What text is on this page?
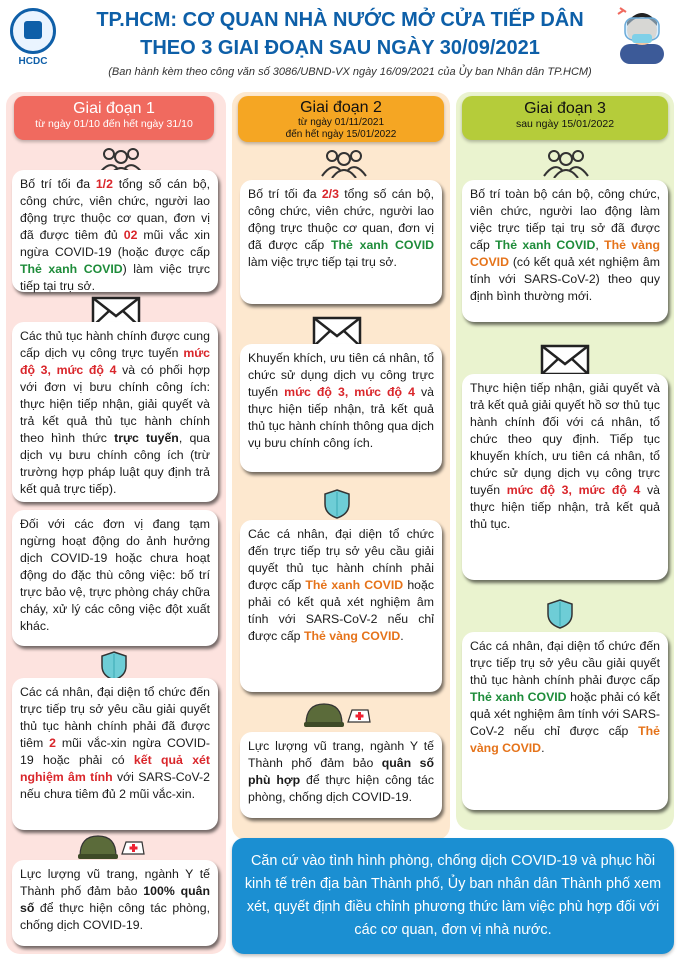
HCDC
TP.HCM: CƠ QUAN NHÀ NƯỚC MỞ CỬA TIẾP DÂN
THEO 3 GIAI ĐOẠN SAU NGÀY 30/09/2021
(Ban hành kèm theo công văn số 3086/UBND-VX ngày 16/09/2021 của Ủy ban Nhân dân TP.HCM)
Giai đoạn 1
từ ngày 01/10 đến hết ngày 31/10
Giai đoạn 2
từ ngày 01/11/2021
đến hết ngày 15/01/2022
Giai đoạn 3
sau ngày 15/01/2022
Bố trí tối đa 1/2 tổng số cán bộ, công chức, viên chức, người lao động trực thuộc cơ quan, đơn vị đã được tiêm đủ 02 mũi vắc xin ngừa COVID-19 (hoặc được cấp Thẻ xanh COVID) làm việc trực tiếp tại trụ sở.
Các thủ tục hành chính được cung cấp dịch vụ công trực tuyến mức độ 3, mức độ 4 và có phối hợp với đơn vị bưu chính công ích: thực hiện tiếp nhận, giải quyết và trả kết quả thủ tục hành chính theo hình thức trực tuyến, qua dịch vụ bưu chính công ích (trừ trường hợp pháp luật quy định trả kết quả trực tiếp).
Đối với các đơn vị đang tạm ngừng hoạt động do ảnh hưởng dịch COVID-19 hoặc chưa hoạt động do đặc thù công việc: bố trí trực bảo vệ, trực phòng cháy chữa cháy, xử lý các công việc đột xuất khác.
Các cá nhân, đại diện tổ chức đến trực tiếp trụ sở yêu cầu giải quyết thủ tục hành chính phải đã được tiêm 2 mũi vắc-xin ngừa COVID-19 hoặc phải có kết quả xét nghiệm âm tính với SARS-CoV-2 nếu chưa tiêm đủ 2 mũi vắc-xin.
Lực lượng vũ trang, ngành Y tế Thành phố đảm bảo 100% quân số để thực hiện công tác phòng, chống dịch COVID-19.
Bố trí tối đa 2/3 tổng số cán bộ, công chức, viên chức, người lao động trực thuộc cơ quan, đơn vị đã được cấp Thẻ xanh COVID làm việc trực tiếp tại trụ sở.
Khuyến khích, ưu tiên cá nhân, tổ chức sử dụng dịch vụ công trực tuyến mức độ 3, mức độ 4 và thực hiện tiếp nhận, trả kết quả thủ tục hành chính thông qua dịch vụ bưu chính công ích.
Các cá nhân, đại diện tổ chức đến trực tiếp trụ sở yêu cầu giải quyết thủ tục hành chính phải được cấp Thẻ xanh COVID hoặc phải có kết quả xét nghiệm âm tính với SARS-CoV-2 nếu chỉ được cấp Thẻ vàng COVID.
Lực lượng vũ trang, ngành Y tế Thành phố đảm bảo quân số phù hợp để thực hiện công tác phòng, chống dịch COVID-19.
Bố trí toàn bộ cán bộ, công chức, viên chức, người lao động làm việc trực tiếp tại trụ sở đã được cấp Thẻ xanh COVID, Thẻ vàng COVID (có kết quả xét nghiệm âm tính với SARS-CoV-2) theo quy định bình thường mới.
Thực hiện tiếp nhận, giải quyết và trả kết quả giải quyết hồ sơ thủ tục hành chính đối với cá nhân, tổ chức theo quy định. Tiếp tục khuyến khích, ưu tiên cá nhân, tổ chức sử dụng dịch vụ công trực tuyến mức độ 3, mức độ 4 và thực hiện tiếp nhận, trả kết quả thủ tục.
Các cá nhân, đại diện tổ chức đến trực tiếp trụ sở yêu cầu giải quyết thủ tục hành chính phải được cấp Thẻ xanh COVID hoặc phải có kết quả xét nghiệm âm tính với SARS-CoV-2 nếu chỉ được cấp Thẻ vàng COVID.
Căn cứ vào tình hình phòng, chống dịch COVID-19 và phục hồi kinh tế trên địa bàn Thành phố, Ủy ban nhân dân Thành phố xem xét, quyết định điều chỉnh phương thức làm việc phù hợp đối với các cơ quan, đơn vị nhà nước.
